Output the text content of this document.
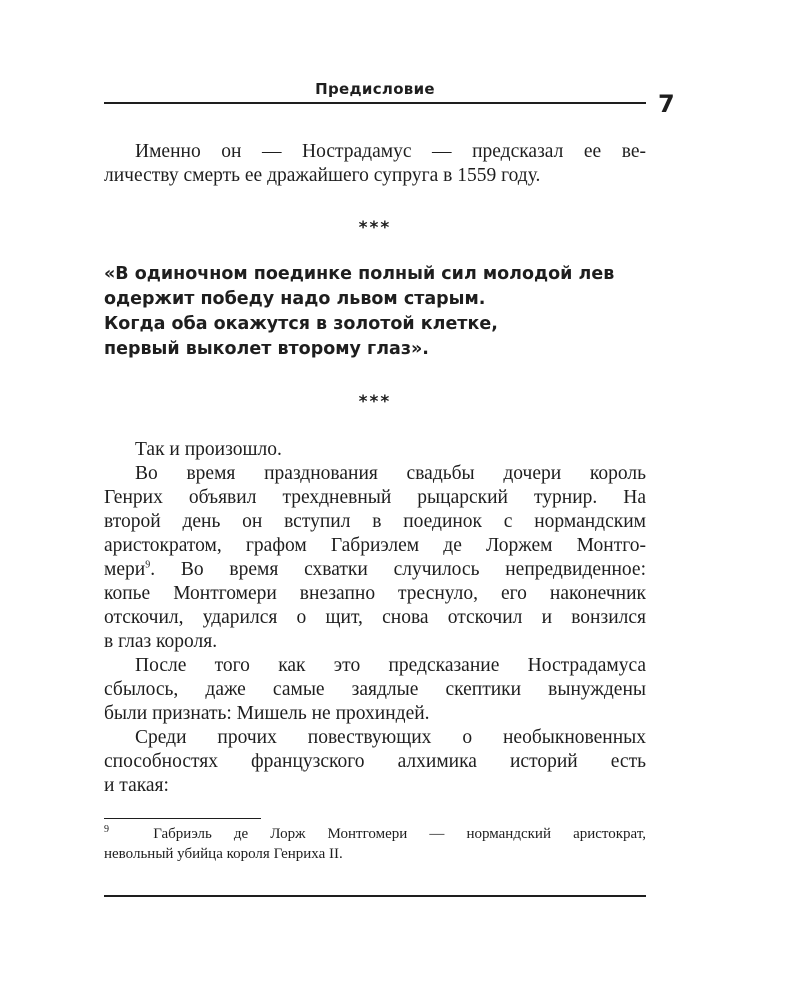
Предисловие
7
Именно он — Нострадамус — предсказал ее ве-
личеству смерть ее дражайшего супруга в 1559 году.
***
«В одиночном поединке полный сил молодой лев
одержит победу надо львом старым.
Когда оба окажутся в золотой клетке,
первый выколет второму глаз».
***
Так и произошло.
Во время празднования свадьбы дочери король
Генрих объявил трехдневный рыцарский турнир. На
второй день он вступил в поединок с нормандским
аристократом, графом Габриэлем де Лоржем Монтго-
мери$^9$. Во время схватки случилось непредвиденное:
копье Монтгомери внезапно треснуло, его наконечник
отскочил, ударился о щит, снова отскочил и вонзился
в глаз короля.
После того как это предсказание Нострадамуса
сбылось, даже самые заядлые скептики вынуждены
были признать: Мишель не прохиндей.
Среди прочих повествующих о необыкновенных
способностях французского алхимика историй есть
и такая:
$^9$	Габриэль де Лорж Монтгомери — нормандский аристократ,
невольный убийца короля Генриха II.
